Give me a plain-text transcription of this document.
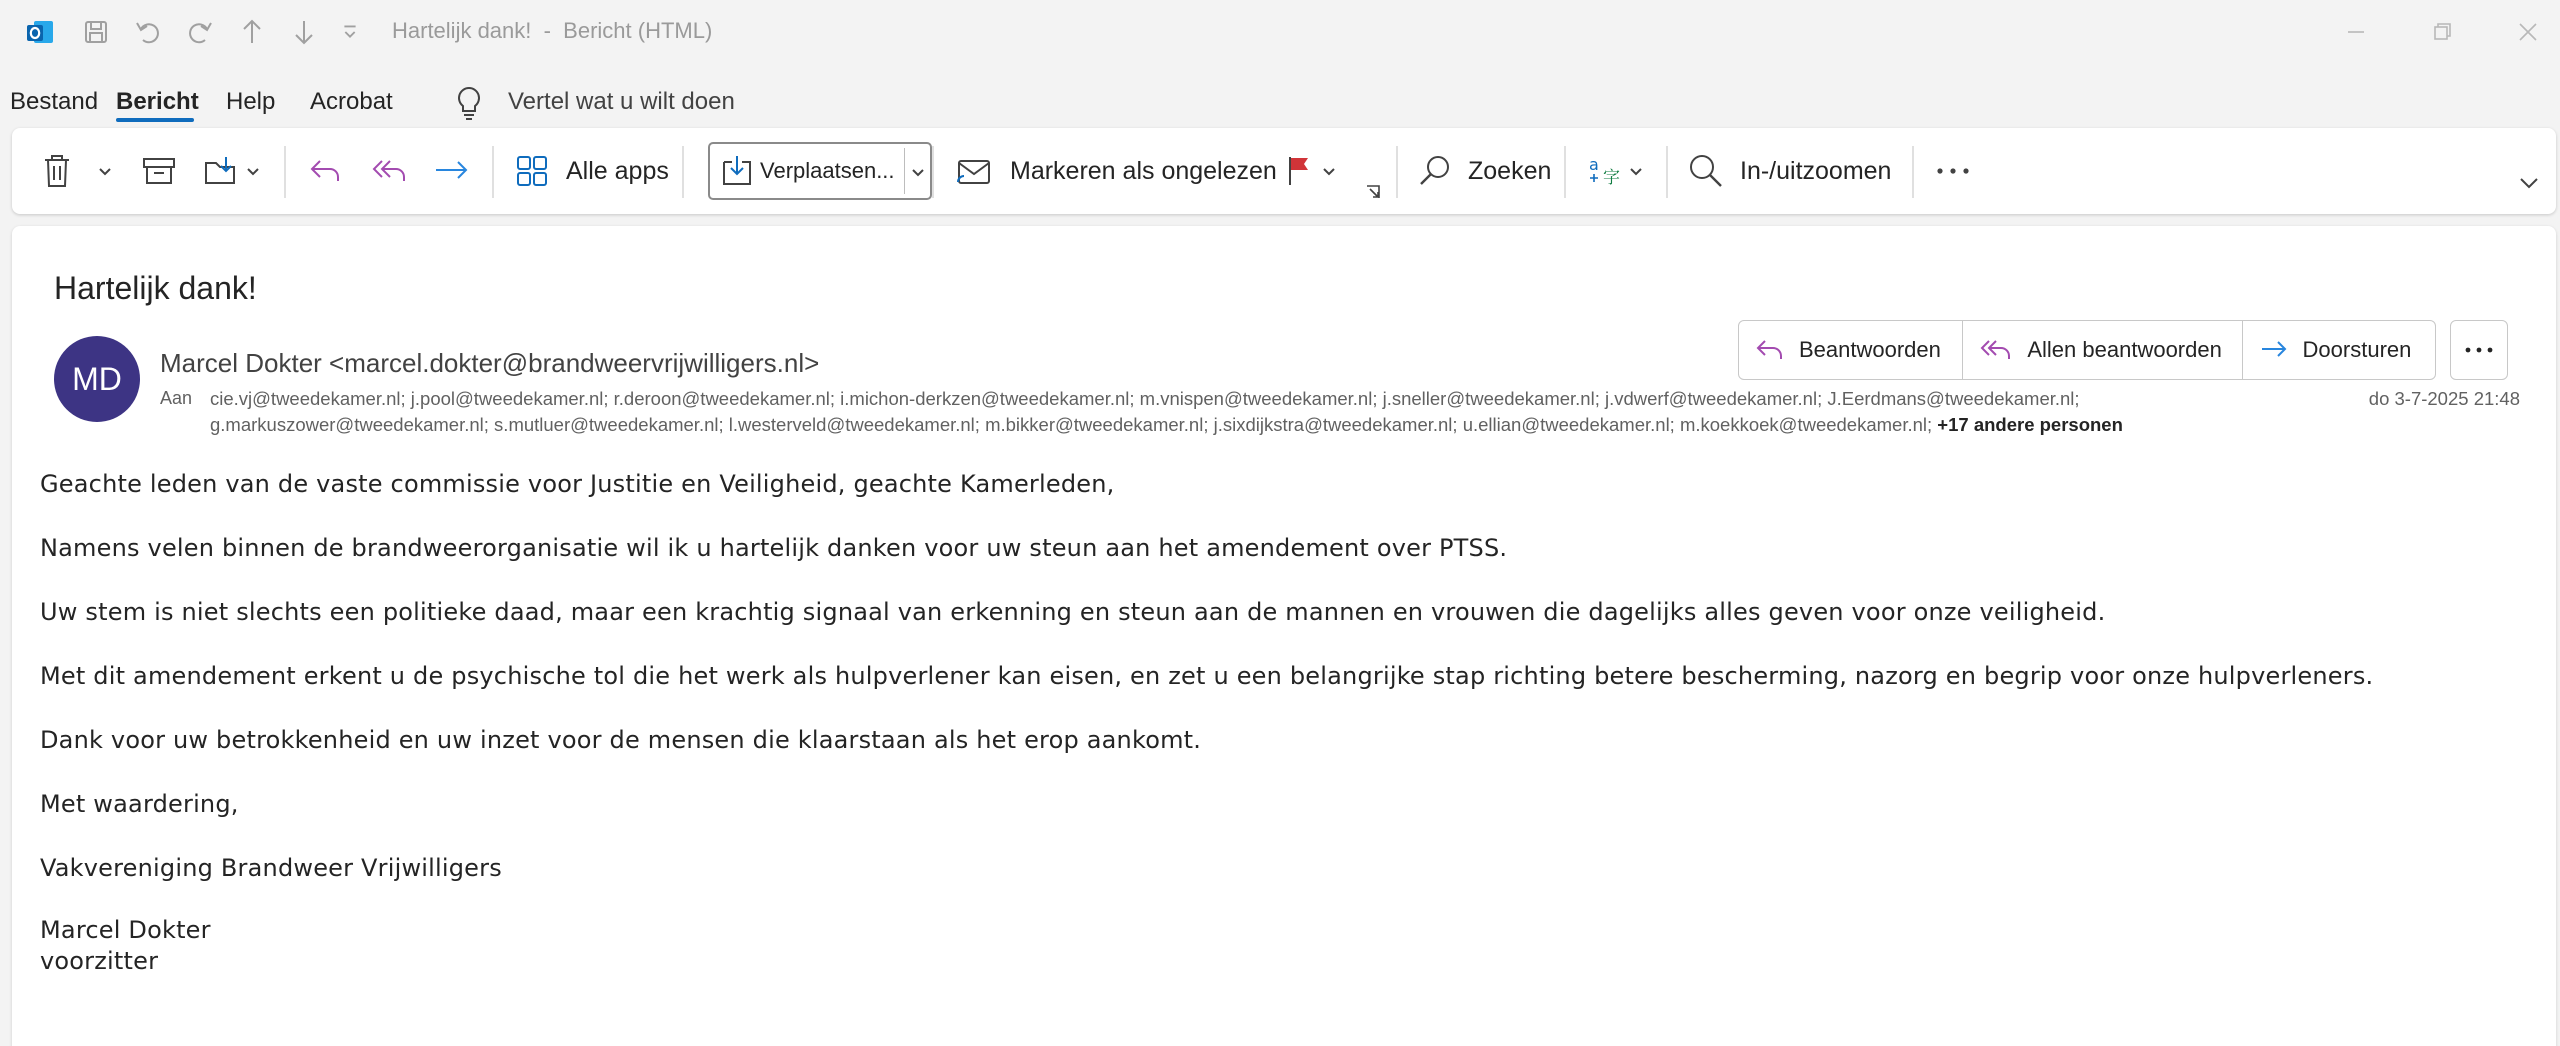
Hartelijk dank!  -  Bericht (HTML)
Bestand Bericht Help Acrobat	Vertel wat u wilt doen
Alle apps	Verplaatsen...	Markeren als ongelezen	Zoeken a
字	In-/uitzoomen
Hartelijk dank!
MD Marcel Dokter <marcel.dokter@brandweervrijwilligers.nl>
Aan cie.vj@tweedekamer.nl; j.pool@tweedekamer.nl; r.deroon@tweedekamer.nl; i.michon-derkzen@tweedekamer.nl; m.vnispen@tweedekamer.nl; j.sneller@tweedekamer.nl; j.vdwerf@tweedekamer.nl; J.Eerdmans@tweedekamer.nl;
g.markuszower@tweedekamer.nl; s.mutluer@tweedekamer.nl; l.westerveld@tweedekamer.nl; m.bikker@tweedekamer.nl; j.sixdijkstra@tweedekamer.nl; u.ellian@tweedekamer.nl; m.koekkoek@tweedekamer.nl; +17 andere personen
do 3-7-2025 21:48
Beantwoorden	Allen beantwoorden	Doorsturen
Geachte leden van de vaste commissie voor Justitie en Veiligheid, geachte Kamerleden,
Namens velen binnen de brandweerorganisatie wil ik u hartelijk danken voor uw steun aan het amendement over PTSS.
Uw stem is niet slechts een politieke daad, maar een krachtig signaal van erkenning en steun aan de mannen en vrouwen die dagelijks alles geven voor onze veiligheid.
Met dit amendement erkent u de psychische tol die het werk als hulpverlener kan eisen, en zet u een belangrijke stap richting betere bescherming, nazorg en begrip voor onze hulpverleners.
Dank voor uw betrokkenheid en uw inzet voor de mensen die klaarstaan als het erop aankomt.
Met waardering,
Vakvereniging Brandweer Vrijwilligers
Marcel Dokter
voorzitter
